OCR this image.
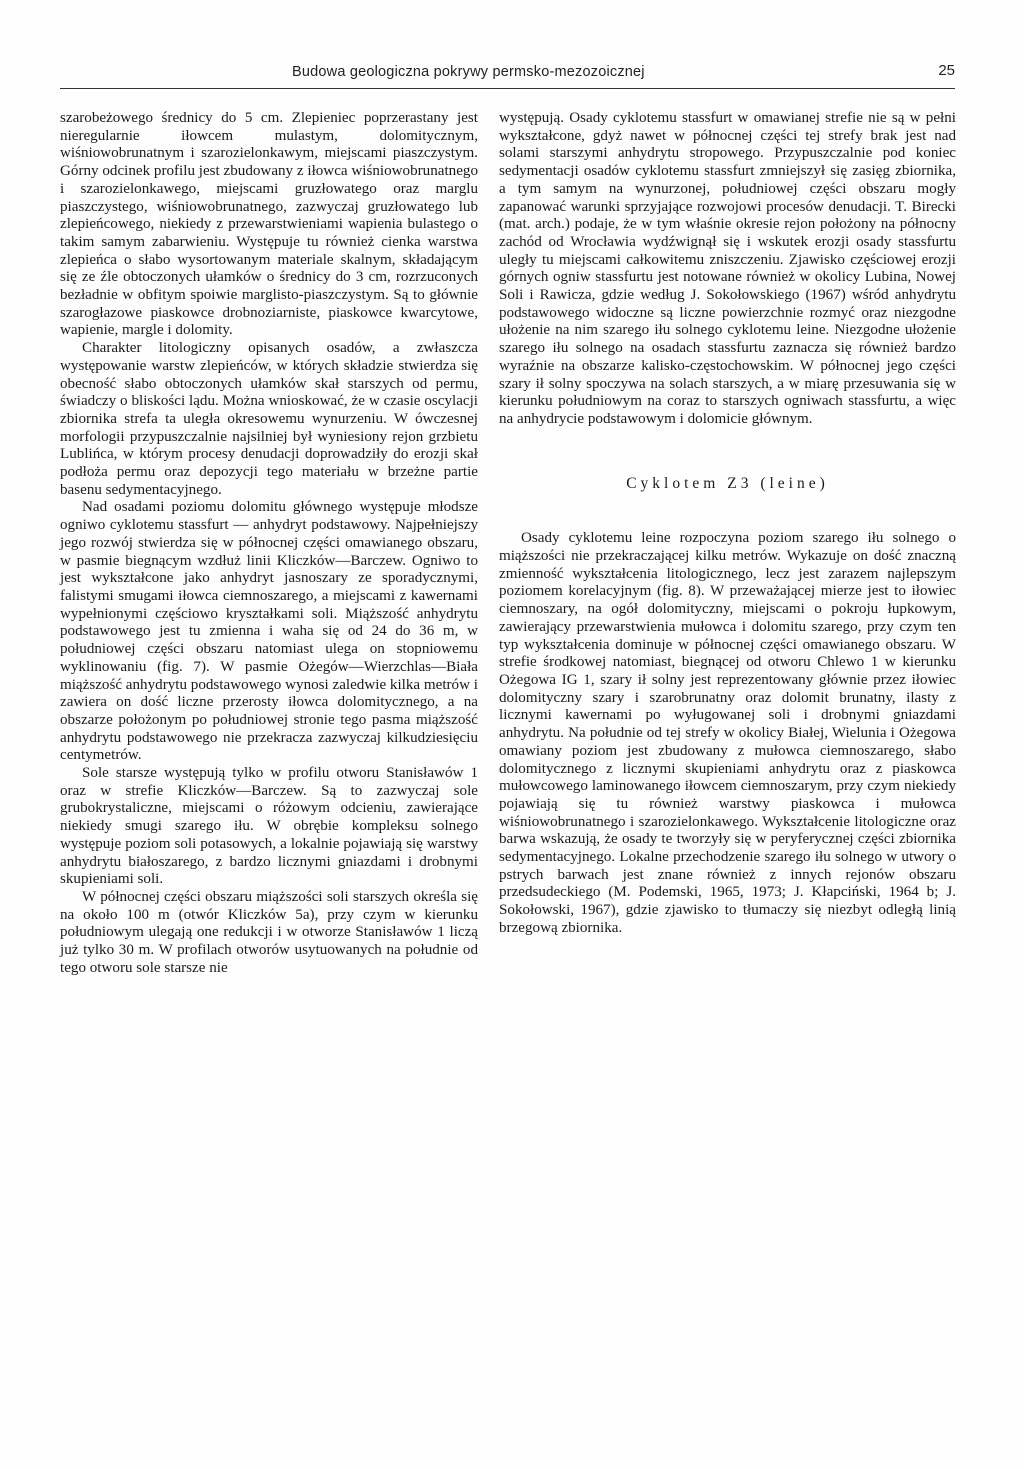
Budowa geologiczna pokrywy permsko-mezozoicznej	25

szarobeżowego średnicy do 5 cm. Zlepieniec poprzerastany jest nieregularnie iłowcem mulastym, dolomitycznym, wiśniowobrunatnym i szarozielonkawym, miejscami piaszczystym. Górny odcinek profilu jest zbudowany z iłowca wiśniowobrunatnego i szarozielonkawego, miejscami gruzłowatego oraz marglu piaszczystego, wiśniowobrunatnego, zazwyczaj gruzłowatego lub zlepieńcowego, niekiedy z przewarstwieniami wapienia bulastego o takim samym zabarwieniu. Występuje tu również cienka warstwa zlepieńca o słabo wysortowanym materiale skalnym, składającym się ze źle obtoczonych ułamków o średnicy do 3 cm, rozrzuconych bezładnie w obfitym spoiwie marglisto-piaszczystym. Są to głównie szarogłazowe piaskowce drobnoziarniste, piaskowce kwarcytowe, wapienie, margle i dolomity.

Charakter litologiczny opisanych osadów, a zwłaszcza występowanie warstw zlepieńców, w których składzie stwierdza się obecność słabo obtoczonych ułamków skał starszych od permu, świadczy o bliskości lądu. Można wnioskować, że w czasie oscylacji zbiornika strefa ta uległa okresowemu wynurzeniu. W ówczesnej morfologii przypuszczalnie najsilniej był wyniesiony rejon grzbietu Lublińca, w którym procesy denudacji doprowadziły do erozji skał podłoża permu oraz depozycji tego materiału w brzeżne partie basenu sedymentacyjnego.

Nad osadami poziomu dolomitu głównego występuje młodsze ogniwo cyklotemu stassfurt — anhydryt podstawowy. Najpełniejszy jego rozwój stwierdza się w północnej części omawianego obszaru, w pasmie biegnącym wzdłuż linii Kliczków—Barczew. Ogniwo to jest wykształcone jako anhydryt jasnoszary ze sporadycznymi, falistymi smugami iłowca ciemnoszarego, a miejscami z kawernami wypełnionymi częściowo kryształkami soli. Miąższość anhydrytu podstawowego jest tu zmienna i waha się od 24 do 36 m, w południowej części obszaru natomiast ulega on stopniowemu wyklinowaniu (fig. 7). W pasmie Ożegów—Wierzchlas—Biała miąższość anhydrytu podstawowego wynosi zaledwie kilka metrów i zawiera on dość liczne przerosty iłowca dolomitycznego, a na obszarze położonym po południowej stronie tego pasma miąższość anhydrytu podstawowego nie przekracza zazwyczaj kilkudziesięciu centymetrów.

Sole starsze występują tylko w profilu otworu Stanisławów 1 oraz w strefie Kliczków—Barczew. Są to zazwyczaj sole grubokrystaliczne, miejscami o różowym odcieniu, zawierające niekiedy smugi szarego iłu. W obrębie kompleksu solnego występuje poziom soli potasowych, a lokalnie pojawiają się warstwy anhydrytu białoszarego, z bardzo licznymi gniazdami i drobnymi skupieniami soli.

W północnej części obszaru miąższości soli starszych określa się na około 100 m (otwór Kliczków 5a), przy czym w kierunku południowym ulegają one redukcji i w otworze Stanisławów 1 liczą już tylko 30 m. W profilach otworów usytuowanych na południe od tego otworu sole starsze nie

występują. Osady cyklotemu stassfurt w omawianej strefie nie są w pełni wykształcone, gdyż nawet w północnej części tej strefy brak jest nad solami starszymi anhydrytu stropowego. Przypuszczalnie pod koniec sedymentacji osadów cyklotemu stassfurt zmniejszył się zasięg zbiornika, a tym samym na wynurzonej, południowej części obszaru mogły zapanować warunki sprzyjające rozwojowi procesów denudacji. T. Birecki (mat. arch.) podaje, że w tym właśnie okresie rejon położony na północny zachód od Wrocławia wydźwignął się i wskutek erozji osady stassfurtu uległy tu miejscami całkowitemu zniszczeniu. Zjawisko częściowej erozji górnych ogniw stassfurtu jest notowane również w okolicy Lubina, Nowej Soli i Rawicza, gdzie według J. Sokołowskiego (1967) wśród anhydrytu podstawowego widoczne są liczne powierzchnie rozmyć oraz niezgodne ułożenie na nim szarego iłu solnego cyklotemu leine. Niezgodne ułożenie szarego iłu solnego na osadach stassfurtu zaznacza się również bardzo wyraźnie na obszarze kalisko-częstochowskim. W północnej jego części szary ił solny spoczywa na solach starszych, a w miarę przesuwania się w kierunku południowym na coraz to starszych ogniwach stassfurtu, a więc na anhydrycie podstawowym i dolomicie głównym.

Cyklotem Z3 (leine)

Osady cyklotemu leine rozpoczyna poziom szarego iłu solnego o miąższości nie przekraczającej kilku metrów. Wykazuje on dość znaczną zmienność wykształcenia litologicznego, lecz jest zarazem najlepszym poziomem korelacyjnym (fig. 8). W przeważającej mierze jest to iłowiec ciemnoszary, na ogół dolomityczny, miejscami o pokroju łupkowym, zawierający przewarstwienia mułowca i dolomitu szarego, przy czym ten typ wykształcenia dominuje w północnej części omawianego obszaru. W strefie środkowej natomiast, biegnącej od otworu Chlewo 1 w kierunku Ożegowa IG 1, szary ił solny jest reprezentowany głównie przez iłowiec dolomityczny szary i szarobrunatny oraz dolomit brunatny, ilasty z licznymi kawernami po wyługowanej soli i drobnymi gniazdami anhydrytu. Na południe od tej strefy w okolicy Białej, Wielunia i Ożegowa omawiany poziom jest zbudowany z mułowca ciemnoszarego, słabo dolomitycznego z licznymi skupieniami anhydrytu oraz z piaskowca mułowcowego laminowanego iłowcem ciemnoszarym, przy czym niekiedy pojawiają się tu również warstwy piaskowca i mułowca wiśniowobrunatnego i szarozielonkawego. Wykształcenie litologiczne oraz barwa wskazują, że osady te tworzyły się w peryferycznej części zbiornika sedymentacyjnego. Lokalne przechodzenie szarego iłu solnego w utwory o pstrych barwach jest znane również z innych rejonów obszaru przedsudeckiego (M. Podemski, 1965, 1973; J. Kłapciński, 1964 b; J. Sokołowski, 1967), gdzie zjawisko to tłumaczy się niezbyt odległą linią brzegową zbiornika.
